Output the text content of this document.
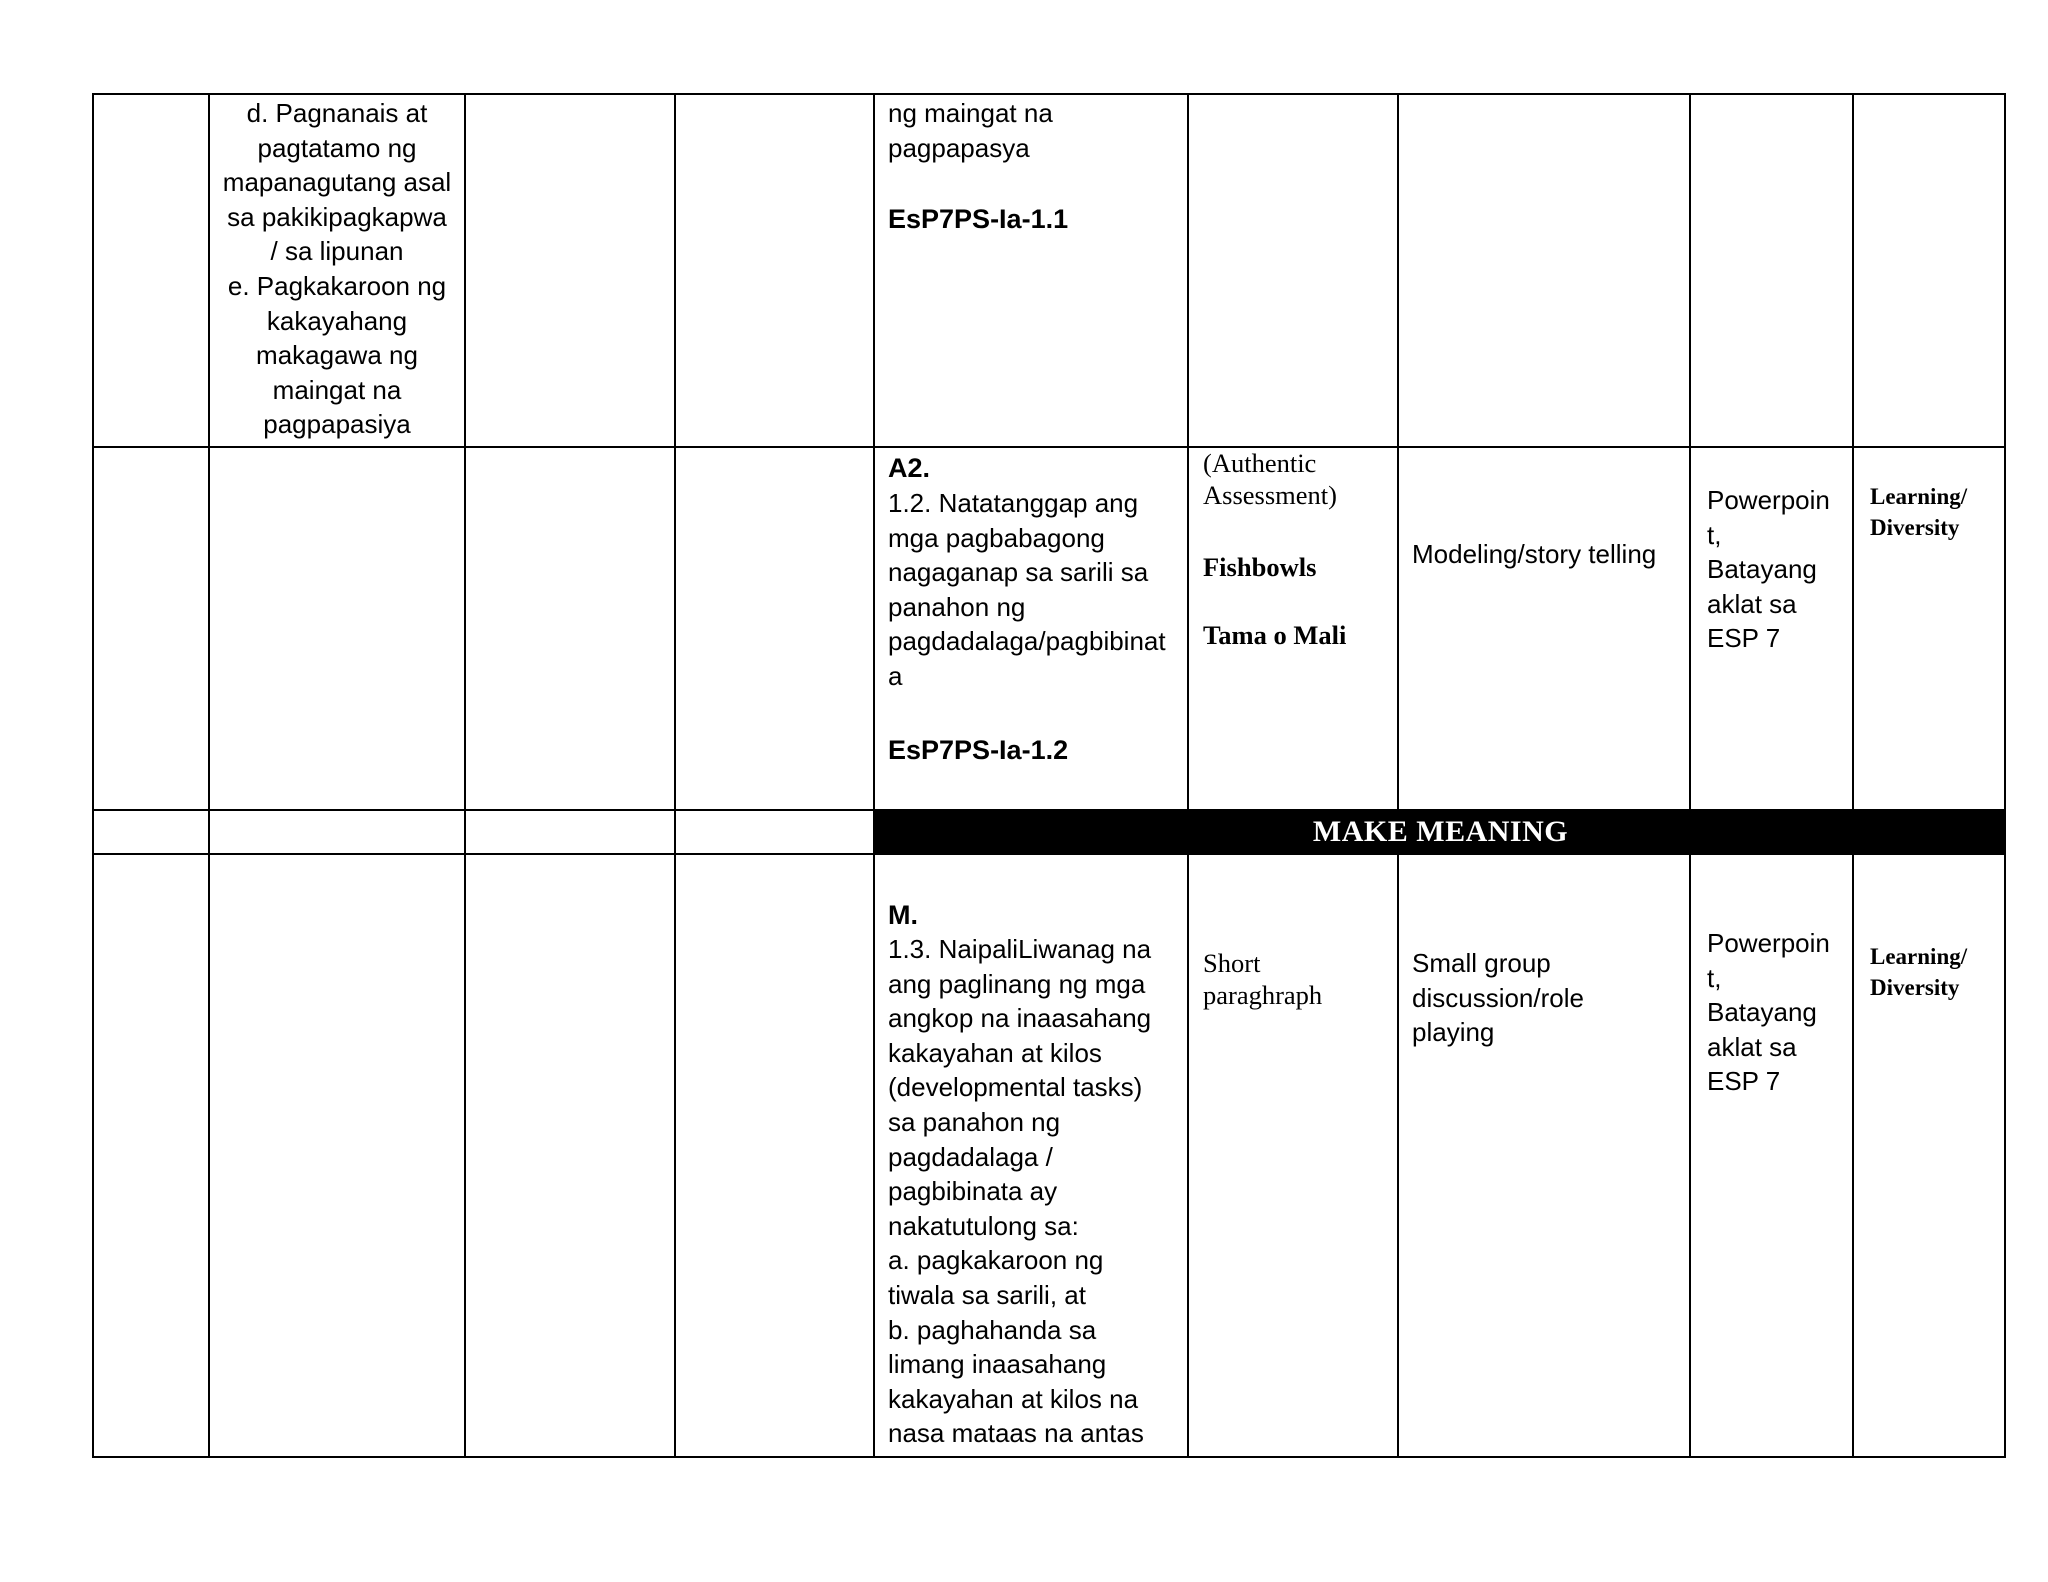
d. Pagnanais at
pagtatamo ng
mapanagutang asal
sa pakikipagkapwa
/ sa lipunan
e. Pagkakaroon ng
kakayahang
makagawa ng
maingat na
pagpapasiya
ng maingat na
pagpapasya
EsP7PS-Ia-1.1
A2.
1.2. Natatanggap ang
mga pagbabagong
nagaganap sa sarili sa
panahon ng
pagdadalaga/pagbibinat
a
EsP7PS-Ia-1.2
(Authentic
Assessment)
Fishbowls
Tama o Mali
Modeling/story telling
Powerpoin
t,
Batayang
aklat sa
ESP 7
Learning/
Diversity
MAKE MEANING
M.
1.3. NaipaliLiwanag na
ang paglinang ng mga
angkop na inaasahang
kakayahan at kilos
(developmental tasks)
sa panahon ng
pagdadalaga /
pagbibinata ay
nakatutulong sa:
a. pagkakaroon ng
tiwala sa sarili, at
b. paghahanda sa
limang inaasahang
kakayahan at kilos na
nasa mataas na antas
Short
paraghraph
Small group
discussion/role
playing
Powerpoin
t,
Batayang
aklat sa
ESP 7
Learning/
Diversity
